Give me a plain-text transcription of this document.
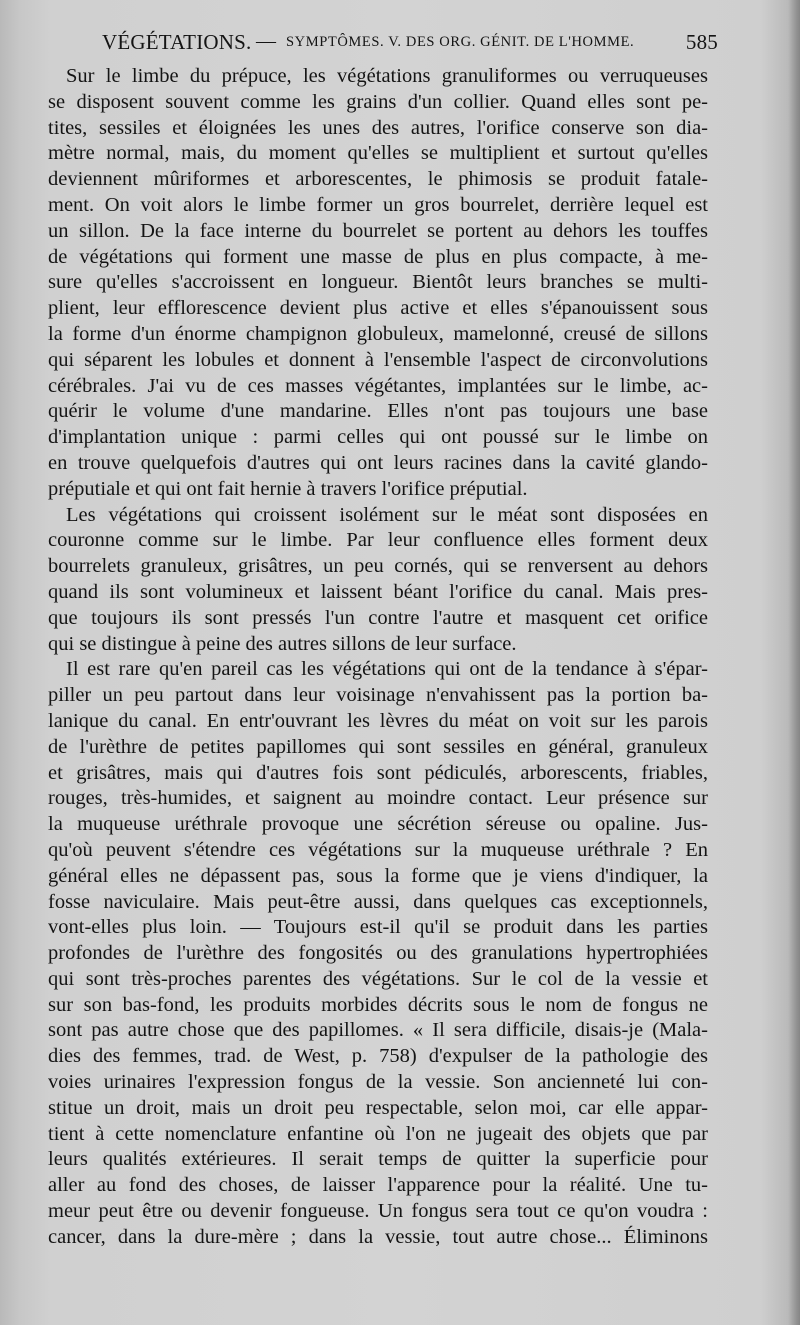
VÉGÉTATIONS. — SYMPTÔMES. V. DES ORG. GÉNIT. DE L'HOMME. 585
Sur le limbe du prépuce, les végétations granuliformes ou verruqueuses
se disposent souvent comme les grains d'un collier. Quand elles sont pe-
tites, sessiles et éloignées les unes des autres, l'orifice conserve son dia-
mètre normal, mais, du moment qu'elles se multiplient et surtout qu'elles
deviennent mûriformes et arborescentes, le phimosis se produit fatale-
ment. On voit alors le limbe former un gros bourrelet, derrière lequel est
un sillon. De la face interne du bourrelet se portent au dehors les touffes
de végétations qui forment une masse de plus en plus compacte, à me-
sure qu'elles s'accroissent en longueur. Bientôt leurs branches se multi-
plient, leur efflorescence devient plus active et elles s'épanouissent sous
la forme d'un énorme champignon globuleux, mamelonné, creusé de sillons
qui séparent les lobules et donnent à l'ensemble l'aspect de circonvolutions
cérébrales. J'ai vu de ces masses végétantes, implantées sur le limbe, ac-
quérir le volume d'une mandarine. Elles n'ont pas toujours une base
d'implantation unique : parmi celles qui ont poussé sur le limbe on
en trouve quelquefois d'autres qui ont leurs racines dans la cavité glando-
préputiale et qui ont fait hernie à travers l'orifice préputial.
Les végétations qui croissent isolément sur le méat sont disposées en
couronne comme sur le limbe. Par leur confluence elles forment deux
bourrelets granuleux, grisâtres, un peu cornés, qui se renversent au dehors
quand ils sont volumineux et laissent béant l'orifice du canal. Mais pres-
que toujours ils sont pressés l'un contre l'autre et masquent cet orifice
qui se distingue à peine des autres sillons de leur surface.
Il est rare qu'en pareil cas les végétations qui ont de la tendance à s'épar-
piller un peu partout dans leur voisinage n'envahissent pas la portion ba-
lanique du canal. En entr'ouvrant les lèvres du méat on voit sur les parois
de l'urèthre de petites papillomes qui sont sessiles en général, granuleux
et grisâtres, mais qui d'autres fois sont pédiculés, arborescents, friables,
rouges, très-humides, et saignent au moindre contact. Leur présence sur
la muqueuse uréthrale provoque une sécrétion séreuse ou opaline. Jus-
qu'où peuvent s'étendre ces végétations sur la muqueuse uréthrale ? En
général elles ne dépassent pas, sous la forme que je viens d'indiquer, la
fosse naviculaire. Mais peut-être aussi, dans quelques cas exceptionnels,
vont-elles plus loin. — Toujours est-il qu'il se produit dans les parties
profondes de l'urèthre des fongosités ou des granulations hypertrophiées
qui sont très-proches parentes des végétations. Sur le col de la vessie et
sur son bas-fond, les produits morbides décrits sous le nom de fongus ne
sont pas autre chose que des papillomes. « Il sera difficile, disais-je (Mala-
dies des femmes, trad. de West, p. 758) d'expulser de la pathologie des
voies urinaires l'expression fongus de la vessie. Son ancienneté lui con-
stitue un droit, mais un droit peu respectable, selon moi, car elle appar-
tient à cette nomenclature enfantine où l'on ne jugeait des objets que par
leurs qualités extérieures. Il serait temps de quitter la superficie pour
aller au fond des choses, de laisser l'apparence pour la réalité. Une tu-
meur peut être ou devenir fongueuse. Un fongus sera tout ce qu'on voudra :
cancer, dans la dure-mère ; dans la vessie, tout autre chose... Éliminons
